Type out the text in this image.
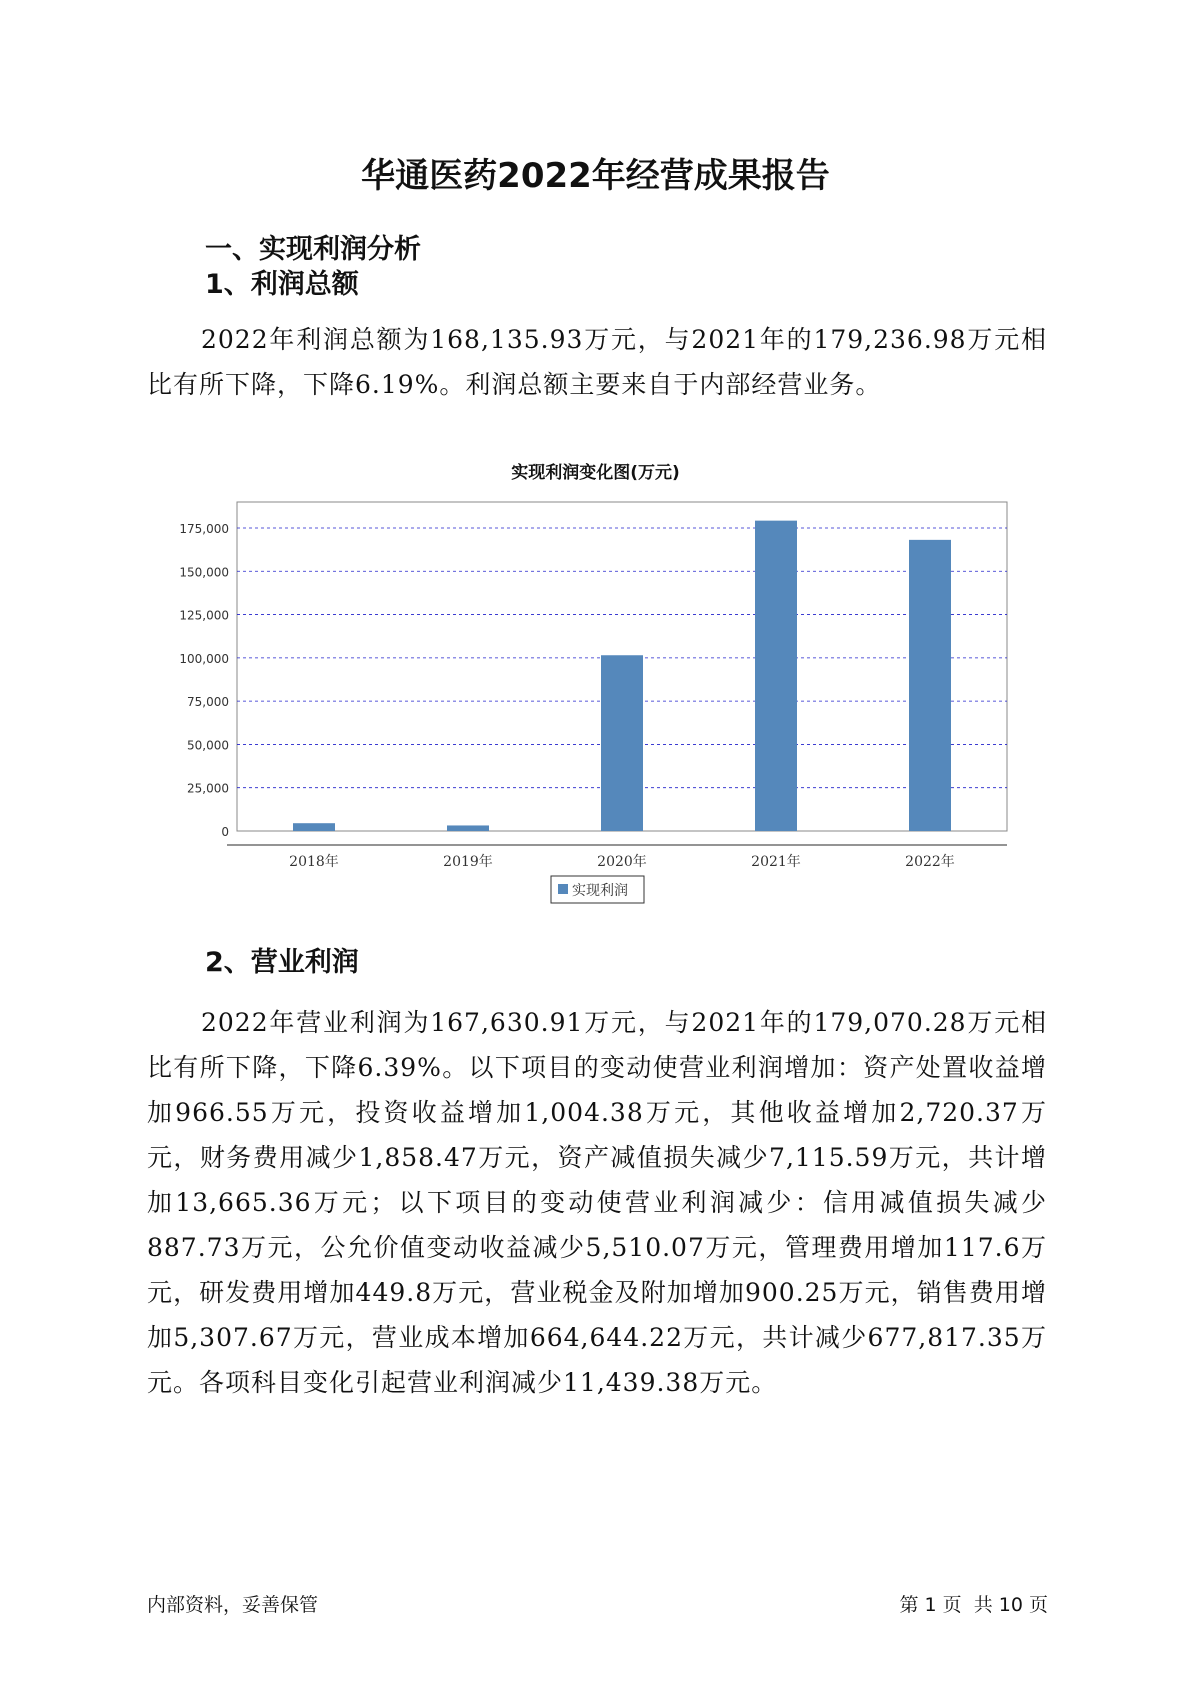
华通医药2022年经营成果报告
一、实现利润分析
1、利润总额
2022年利润总额为168,135.93万元，与2021年的179,236.98万元相比有所下降，下降6.19%。利润总额主要来自于内部经营业务。
实现利润变化图(万元)
0
25,000
50,000
75,000
100,000
125,000
150,000
175,000
2018年	2019年	2020年	2021年	2022年
实现利润
2、营业利润
2022年营业利润为167,630.91万元，与2021年的179,070.28万元相比有所下降，下降6.39%。以下项目的变动使营业利润增加：资产处置收益增加966.55万元，投资收益增加1,004.38万元，其他收益增加2,720.37万元，财务费用减少1,858.47万元，资产减值损失减少7,115.59万元，共计增加13,665.36万元；以下项目的变动使营业利润减少：信用减值损失减少887.73万元，公允价值变动收益减少5,510.07万元，管理费用增加117.6万元，研发费用增加449.8万元，营业税金及附加增加900.25万元，销售费用增加5,307.67万元，营业成本增加664,644.22万元，共计减少677,817.35万元。各项科目变化引起营业利润减少11,439.38万元。
内部资料，妥善保管	第 1 页  共 10 页
